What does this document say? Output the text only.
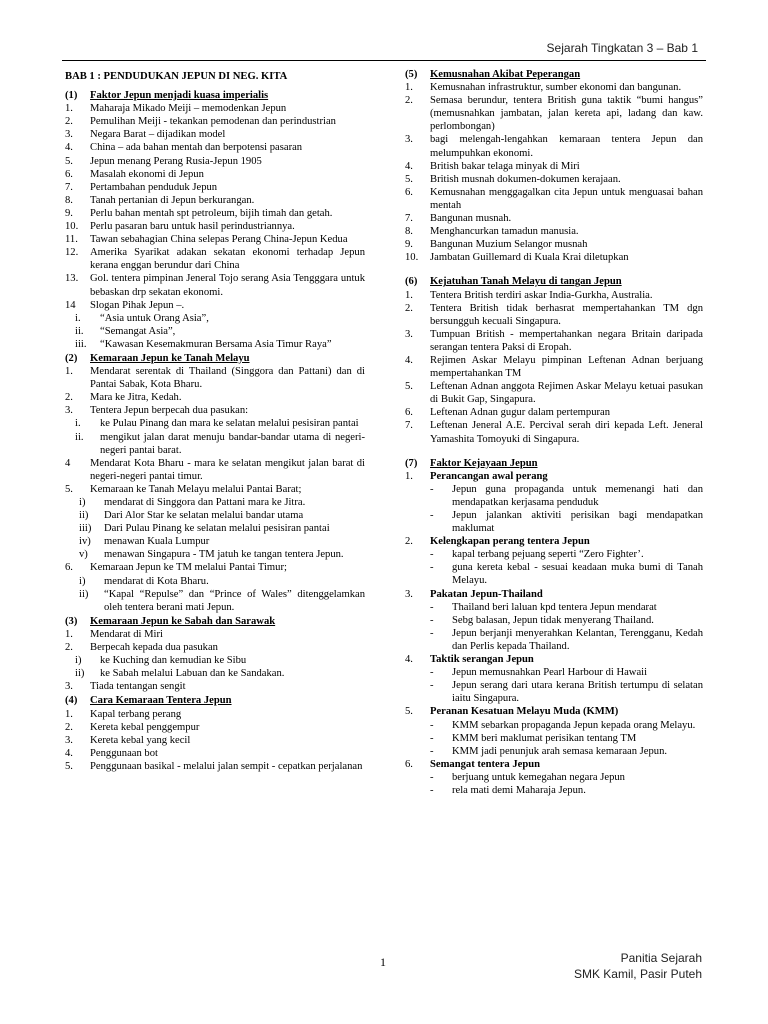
Sejarah Tingkatan 3 – Bab 1
BAB 1 : PENDUDUKAN JEPUN DI NEG. KITA
(1) Faktor Jepun menjadi kuasa imperialis
1.	Maharaja Mikado Meiji – memodenkan Jepun
2.	Pemulihan Meiji - tekankan pemodenan dan perindustrian
3.	Negara Barat – dijadikan model
4.	China – ada bahan mentah dan berpotensi pasaran
5.	Jepun menang Perang Rusia-Jepun 1905
6.	Masalah ekonomi di Jepun
7.	Pertambahan penduduk Jepun
8.	Tanah pertanian di Jepun berkurangan.
9.	Perlu bahan mentah spt petroleum, bijih timah dan getah.
10.	Perlu pasaran baru untuk hasil perindustriannya.
11.	Tawan sebahagian China selepas Perang China-Jepun Kedua
12.	Amerika Syarikat adakan sekatan ekonomi terhadap Jepun kerana enggan berundur dari China
13.	Gol. tentera pimpinan Jeneral Tojo serang Asia Tengggara untuk bebaskan drp sekatan ekonomi.
14	Slogan Pihak Jepun –.
i.	“Asia untuk Orang Asia”,
ii.	“Semangat Asia”,
iii.	“Kawasan Kesemakmuran Bersama Asia Timur Raya”
(2) Kemaraan Jepun ke Tanah Melayu
1.	Mendarat serentak di Thailand (Singgora dan Pattani) dan di Pantai Sabak, Kota Bharu.
2.	Mara ke Jitra, Kedah.
3.	Tentera Jepun berpecah dua pasukan:
i.	ke Pulau Pinang dan mara ke selatan melalui pesisiran pantai
ii.	mengikut jalan darat menuju bandar-bandar utama di negeri-negeri pantai barat.
4	Mendarat Kota Bharu - mara ke selatan mengikut jalan barat di negeri-negeri pantai timur.
5.	Kemaraan ke Tanah Melayu melalui Pantai Barat;
i)	mendarat di Singgora dan Pattani mara ke Jitra.
ii)	Dari Alor Star ke selatan melalui bandar utama
iii)	Dari Pulau Pinang ke selatan melalui pesisiran pantai
iv)	menawan Kuala Lumpur
v)	menawan Singapura - TM jatuh ke tangan tentera Jepun.
6.	Kemaraan Jepun ke TM melalui Pantai Timur;
i)	mendarat di Kota Bharu.
ii)	“Kapal “Repulse” dan “Prince of Wales” ditenggelamkan oleh tentera berani mati Jepun.
(3) Kemaraan Jepun ke Sabah dan Sarawak
1.	Mendarat di Miri
2.	Berpecah kepada dua pasukan
i)	ke Kuching dan kemudian ke Sibu
ii)	ke Sabah melalui Labuan dan ke Sandakan.
3.	Tiada tentangan sengit
(4) Cara Kemaraan Tentera Jepun
1.	Kapal terbang perang
2.	Kereta kebal penggempur
3.	Kereta kebal yang kecil
4.	Penggunaan bot
5.	Penggunaan basikal - melalui jalan sempit - cepatkan perjalanan
(5) Kemusnahan Akibat Peperangan
1.	Kemusnahan infrastruktur, sumber ekonomi dan bangunan.
2.	Semasa berundur, tentera British guna taktik “bumi hangus” (memusnahkan jambatan, jalan kereta api, ladang dan kaw. perlombongan)
3.	bagi melengah-lengahkan kemaraan tentera Jepun dan melumpuhkan ekonomi.
4.	British bakar telaga minyak di Miri
5.	British musnah dokumen-dokumen kerajaan.
6.	Kemusnahan menggagalkan cita Jepun untuk menguasai bahan mentah
7.	Bangunan musnah.
8.	Menghancurkan tamadun manusia.
9.	Bangunan Muzium Selangor musnah
10.	Jambatan Guillemard di Kuala Krai diletupkan
(6) Kejatuhan Tanah Melayu di tangan Jepun
1.	Tentera British terdiri askar India-Gurkha, Australia.
2.	Tentera British tidak berhasrat mempertahankan TM dgn bersungguh kecuali Singapura.
3.	Tumpuan British - mempertahankan negara Britain daripada serangan tentera Paksi di Eropah.
4.	Rejimen Askar Melayu pimpinan Leftenan Adnan berjuang mempertahankan TM
5.	Leftenan Adnan anggota Rejimen Askar Melayu ketuai pasukan di Bukit Gap, Singapura.
6.	Leftenan Adnan gugur dalam pertempuran
7.	Leftenan Jeneral A.E. Percival serah diri kepada Left. Jeneral Yamashita Tomoyuki di Singapura.
(7) Faktor Kejayaan Jepun
1.	Perancangan awal perang
-	Jepun guna propaganda untuk memenangi hati dan mendapatkan kerjasama penduduk
-	Jepun jalankan aktiviti perisikan bagi mendapatkan maklumat
2.	Kelengkapan perang tentera Jepun
-	kapal terbang pejuang seperti “Zero Fighter’.
-	guna kereta kebal - sesuai keadaan muka bumi di Tanah Melayu.
3.	Pakatan Jepun-Thailand
-	Thailand beri laluan kpd tentera Jepun mendarat
-	Sebg balasan, Jepun tidak menyerang Thailand.
-	Jepun berjanji menyerahkan Kelantan, Terengganu, Kedah dan Perlis kepada Thailand.
4.	Taktik serangan Jepun
-	Jepun memusnahkan Pearl Harbour di Hawaii
-	Jepun serang dari utara kerana British tertumpu di selatan iaitu Singapura.
5.	Peranan Kesatuan Melayu Muda (KMM)
-	KMM sebarkan propaganda Jepun kepada orang Melayu.
-	KMM beri maklumat perisikan tentang TM
-	KMM jadi penunjuk arah semasa kemaraan Jepun.
6.	Semangat tentera Jepun
-	berjuang untuk kemegahan negara Jepun
-	rela mati demi Maharaja Jepun.
1	Panitia Sejarah
SMK Kamil, Pasir Puteh
